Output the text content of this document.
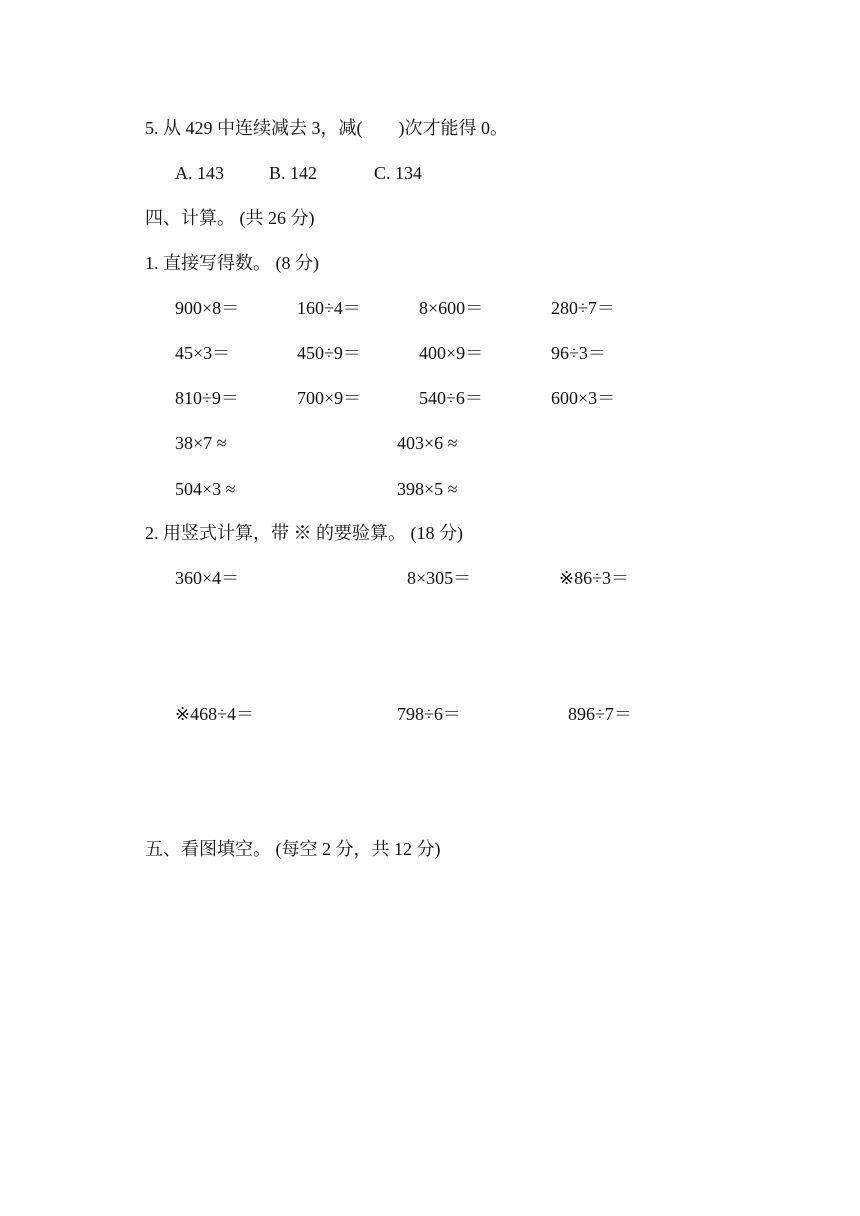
5. 从 429 中连续减去 3，减(　　)次才能得 0。
A. 143	B. 142	C. 134
四、计算。 (共 26 分)
1. 直接写得数。 (8 分)
900×8＝	160÷4＝	8×600＝	280÷7＝
45×3＝	450÷9＝	400×9＝	96÷3＝
810÷9＝	700×9＝	540÷6＝	600×3＝
38×7 ≈	403×6 ≈
504×3 ≈	398×5 ≈
2. 用竖式计算，带 ※ 的要验算。 (18 分)
360×4＝	8×305＝	※86÷3＝
※468÷4＝	798÷6＝	896÷7＝
五、看图填空。 (每空 2 分，共 12 分)
